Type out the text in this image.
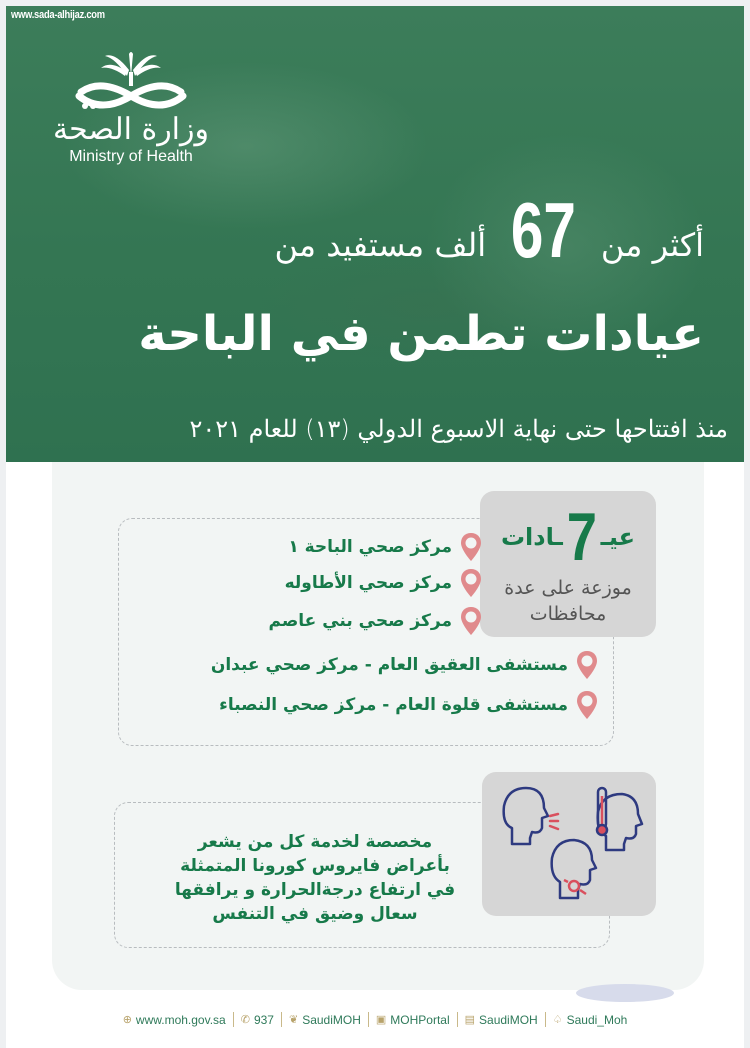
www.sada-alhijaz.com
وزارة الصحة
Ministry of Health
أكثر من
67
ألف مستفيد من
عيادات تطمن في الباحة
منذ افتتاحها حتى نهاية الاسبوع الدولي (١٣) للعام ٢٠٢١
عيـ7ـادات
موزعة على عدة
محافظات
مركز صحي الباحة ١
مركز صحي الأطاوله
مركز صحي بني عاصم
مستشفى العقيق العام - مركز صحي عبدان
مستشفى قلوة العام - مركز صحي النصباء
مخصصة لخدمة كل من يشعر
بأعراض فايروس كورونا المتمثلة
في ارتفاع درجةالحرارة و يرافقها
سعال وضيق في التنفس
⊕ www.moh.gov.sa ✆ 937 ❦ SaudiMOH ▣ MOHPortal ▤ SaudiMOH ♤ Saudi_Moh
